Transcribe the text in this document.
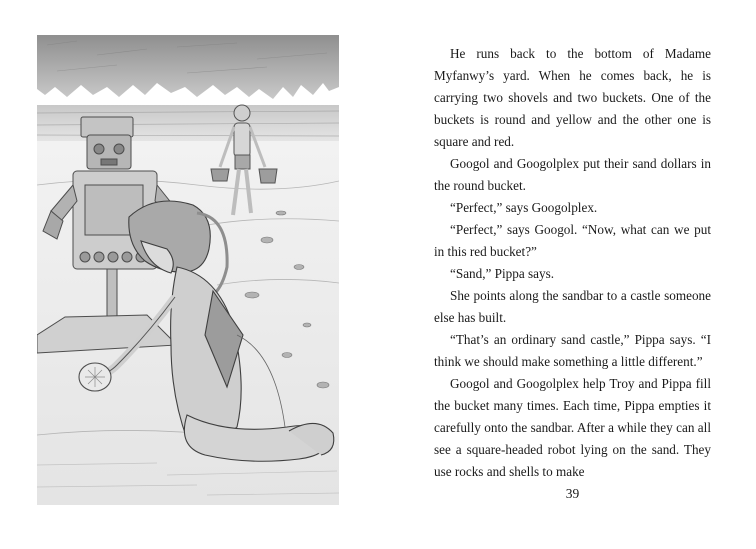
He runs back to the bottom of Madame Myfanwy’s yard. When he comes back, he is carrying two shovels and two buckets. One of the buckets is round and yellow and the other one is square and red.

Googol and Googolplex put their sand dollars in the round bucket.

“Perfect,” says Googolplex.

“Perfect,” says Googol. “Now, what can we put in this red bucket?”

“Sand,” Pippa says.

She points along the sandbar to a castle someone else has built.

“That’s an ordinary sand castle,” Pippa says. “I think we should make something a little different.”

Googol and Googolplex help Troy and Pippa fill the bucket many times. Each time, Pippa empties it carefully onto the sandbar. After a while they can all see a square-headed robot lying on the sand. They use rocks and shells to make

39
